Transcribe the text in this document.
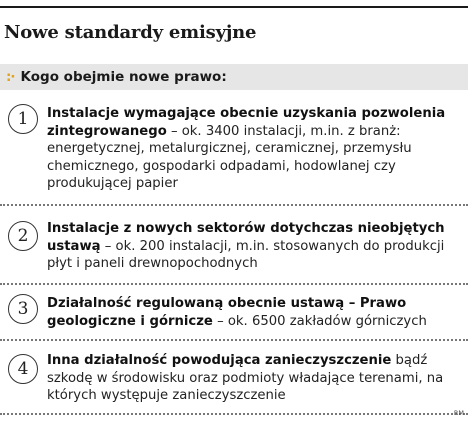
Nowe standardy emisyjne
:· Kogo obejmie nowe prawo:
1	Instalacje wymagające obecnie uzyskania pozwolenia zintegrowanego – ok. 3400 instalacji, m.in. z branż: energetycznej, metalurgicznej, ceramicznej, przemysłu chemicznego, gospodarki odpadami, hodowlanej czy produkującej papier

2	Instalacje z nowych sektorów dotychczas nieobjętych ustawą – ok. 200 instalacji, m.in. stosowanych do produkcji płyt i paneli drewnopochodnych

3	Działalność regulowaną obecnie ustawą – Prawo geologiczne i górnicze – ok. 6500 zakładów górniczych

4	Inna działalność powodująca zanieczyszczenie bądź szkodę w środowisku oraz podmioty władające terenami, na których występuje zanieczyszczenie

RM
